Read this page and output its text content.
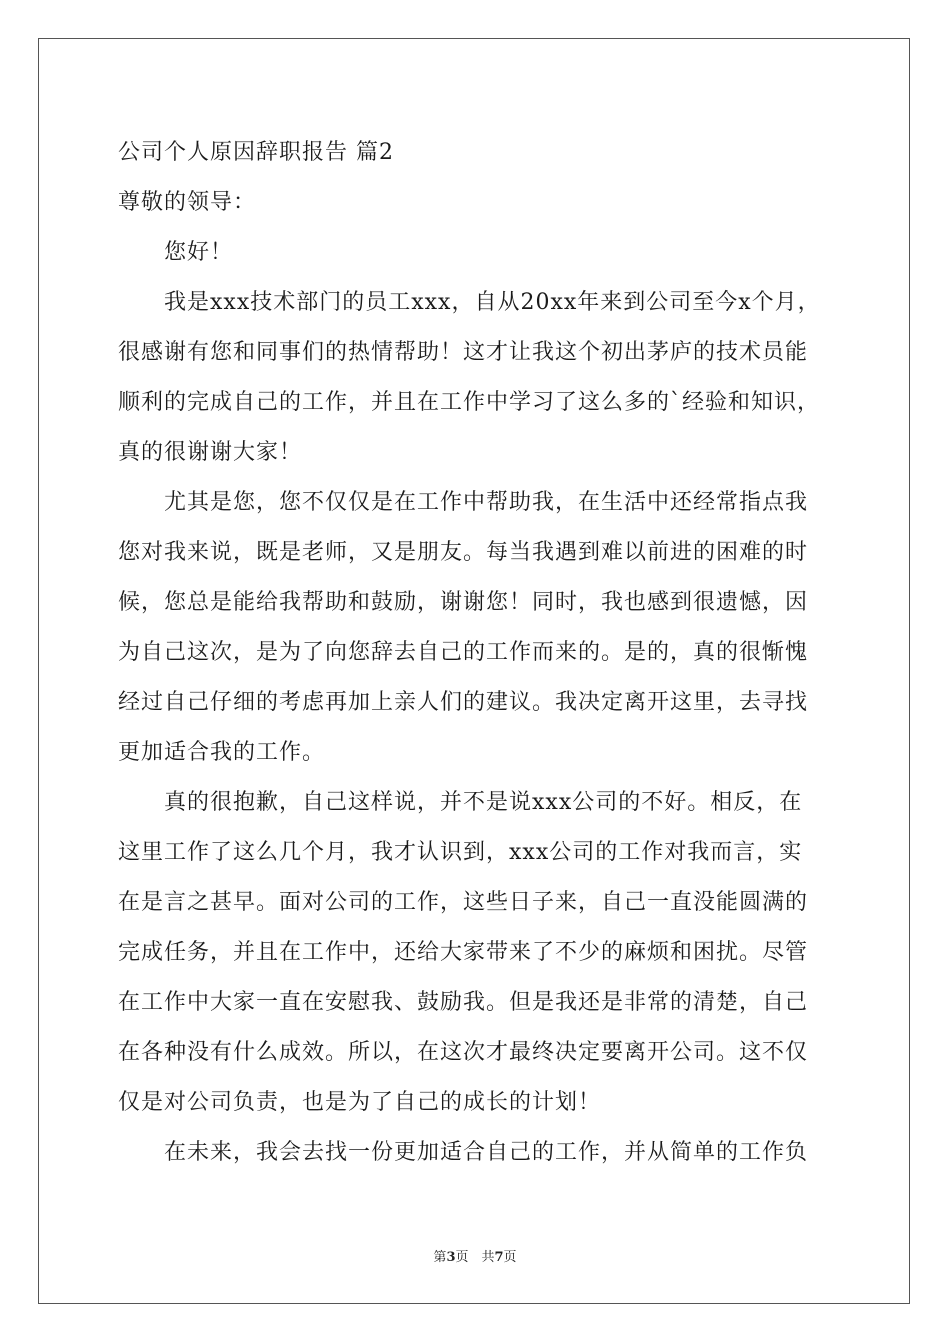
公司个人原因辞职报告 篇2
尊敬的领导：
您好！
我是xxx技术部门的员工xxx，自从20xx年来到公司至今x个月，
很感谢有您和同事们的热情帮助！这才让我这个初出茅庐的技术员能
顺利的完成自己的工作，并且在工作中学习了这么多的`经验和知识，
真的很谢谢大家！
尤其是您，您不仅仅是在工作中帮助我，在生活中还经常指点我
您对我来说，既是老师，又是朋友。每当我遇到难以前进的困难的时
候，您总是能给我帮助和鼓励，谢谢您！同时，我也感到很遗憾，因
为自己这次，是为了向您辞去自己的工作而来的。是的，真的很惭愧
经过自己仔细的考虑再加上亲人们的建议。我决定离开这里，去寻找
更加适合我的工作。
真的很抱歉，自己这样说，并不是说xxx公司的不好。相反，在
这里工作了这么几个月，我才认识到，xxx公司的工作对我而言，实
在是言之甚早。面对公司的工作，这些日子来，自己一直没能圆满的
完成任务，并且在工作中，还给大家带来了不少的麻烦和困扰。尽管
在工作中大家一直在安慰我、鼓励我。但是我还是非常的清楚，自己
在各种没有什么成效。所以，在这次才最终决定要离开公司。这不仅
仅是对公司负责，也是为了自己的成长的计划！
在未来，我会去找一份更加适合自己的工作，并从简单的工作负
第3页　共7页
